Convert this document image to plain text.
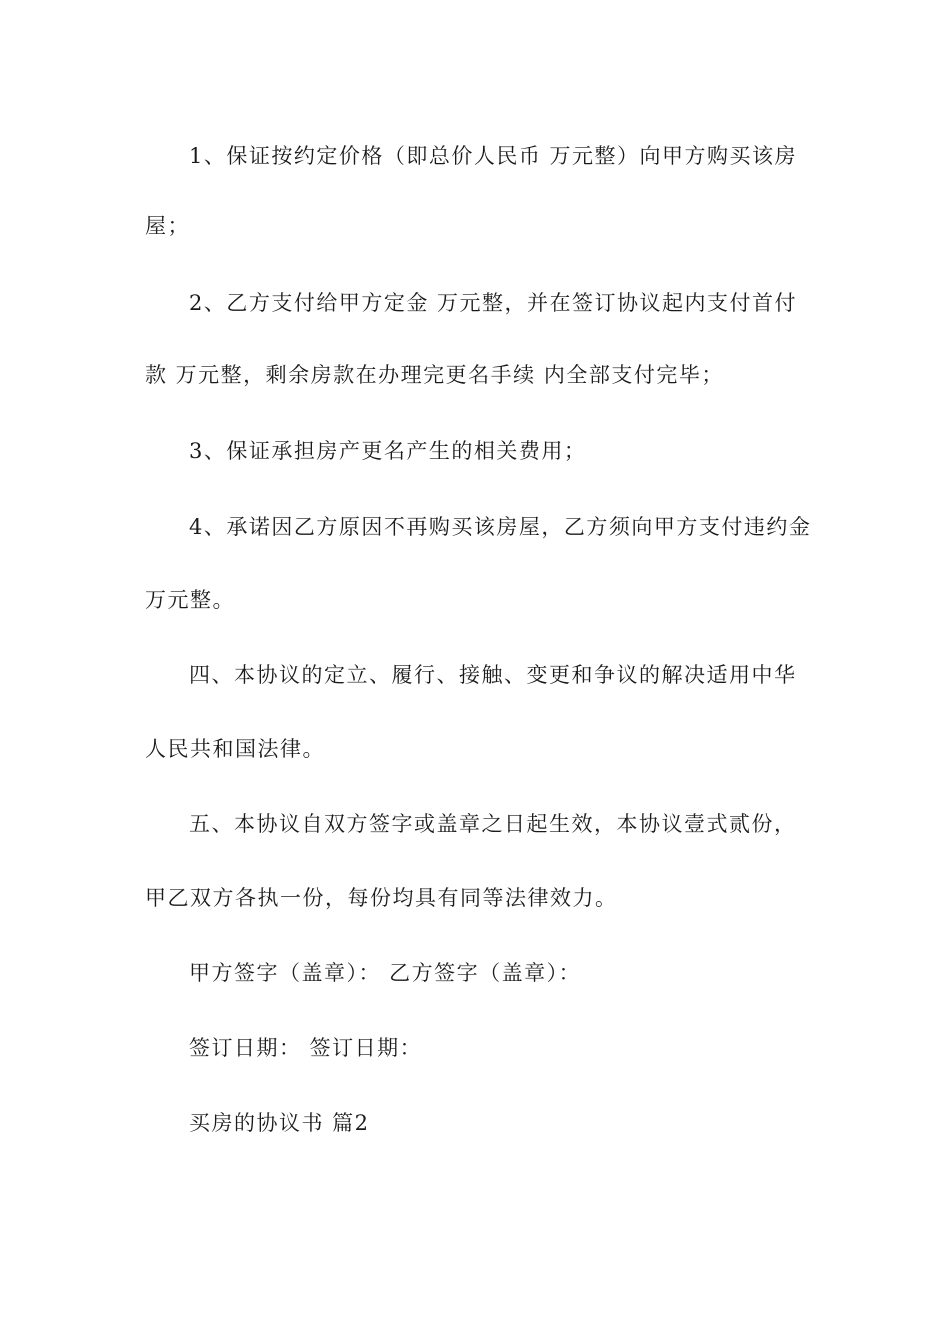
1、保证按约定价格（即总价人民币 万元整）向甲方购买该房
屋；
2、乙方支付给甲方定金 万元整，并在签订协议起内支付首付
款 万元整，剩余房款在办理完更名手续 内全部支付完毕；
3、保证承担房产更名产生的相关费用；
4、承诺因乙方原因不再购买该房屋，乙方须向甲方支付违约金
万元整。
四、本协议的定立、履行、接触、变更和争议的解决适用中华
人民共和国法律。
五、本协议自双方签字或盖章之日起生效，本协议壹式贰份，
甲乙双方各执一份，每份均具有同等法律效力。
甲方签字（盖章）： 乙方签字（盖章）：
签订日期： 签订日期：
买房的协议书 篇2
